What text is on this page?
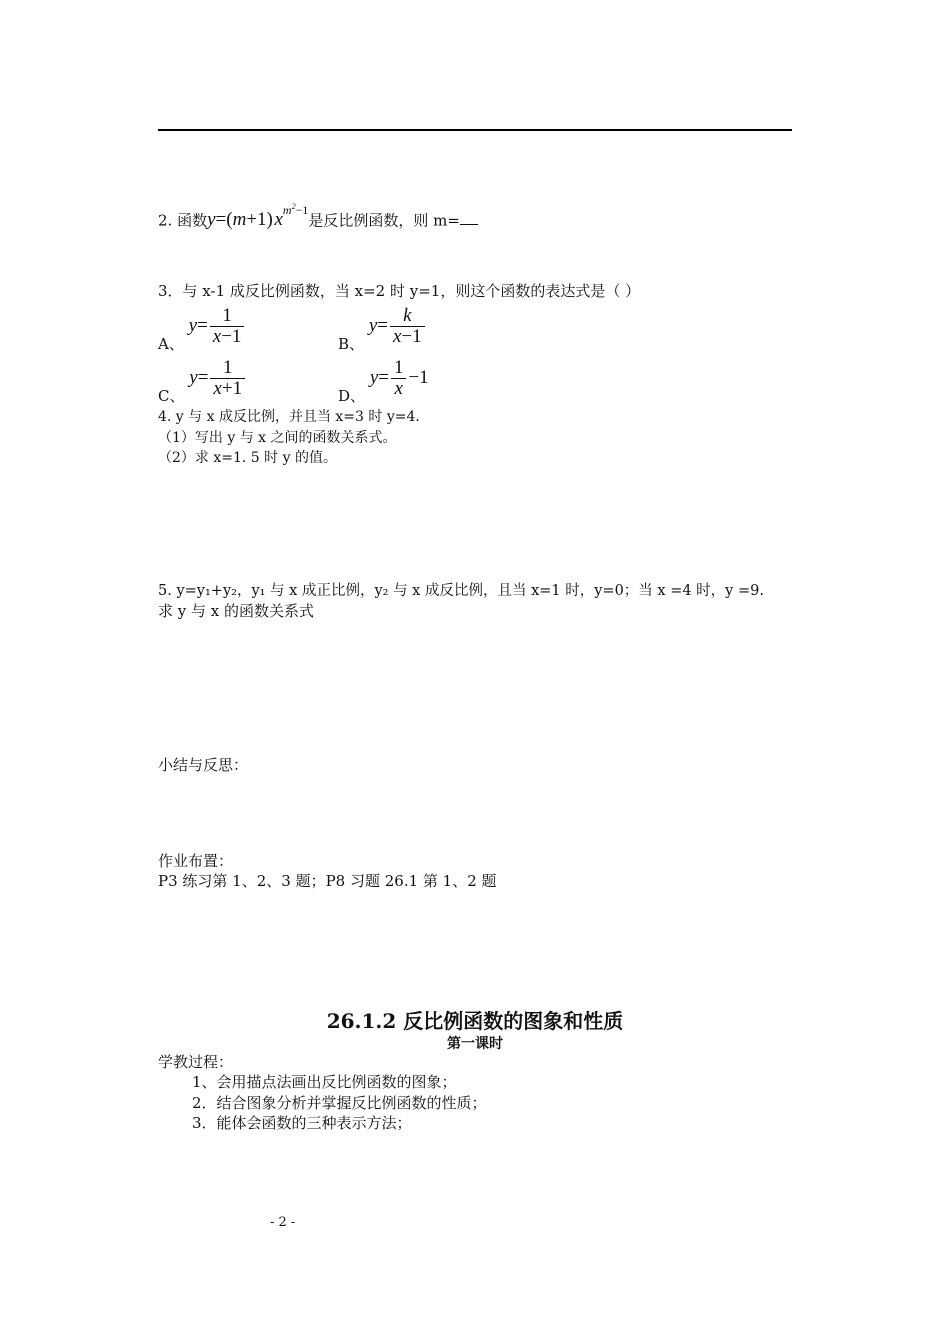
2. 函数y=(m+1) $x^{m^2-1}$是反比例函数，则 m=
3．与 x-1 成反比例函数，当 x=2 时 y=1，则这个函数的表达式是（ ）
A、 $y= \frac{1}{x-1}$	B、 $y= \frac{k}{x-1}$
C、 $y= \frac{1}{x+1}$	D、 $y= \frac{1}{x} -1$
4. y 与 x 成反比例，并且当 x=3 时 y=4.
（1）写出 y 与 x 之间的函数关系式。
（2）求 x=1. 5 时 y 的值。
5. y=y₁+y₂，y₁ 与 x 成正比例，y₂ 与 x 成反比例，且当 x=1 时，y=0；当 x =4 时，y =9.
求 y 与 x 的函数关系式
小结与反思：
作业布置：
P3 练习第 1、2、3 题；P8 习题 26.1 第 1、2 题
26.1.2 反比例函数的图象和性质
第一课时
学教过程：
1、会用描点法画出反比例函数的图象；
2．结合图象分析并掌握反比例函数的性质；
3．能体会函数的三种表示方法；
- 2 -
